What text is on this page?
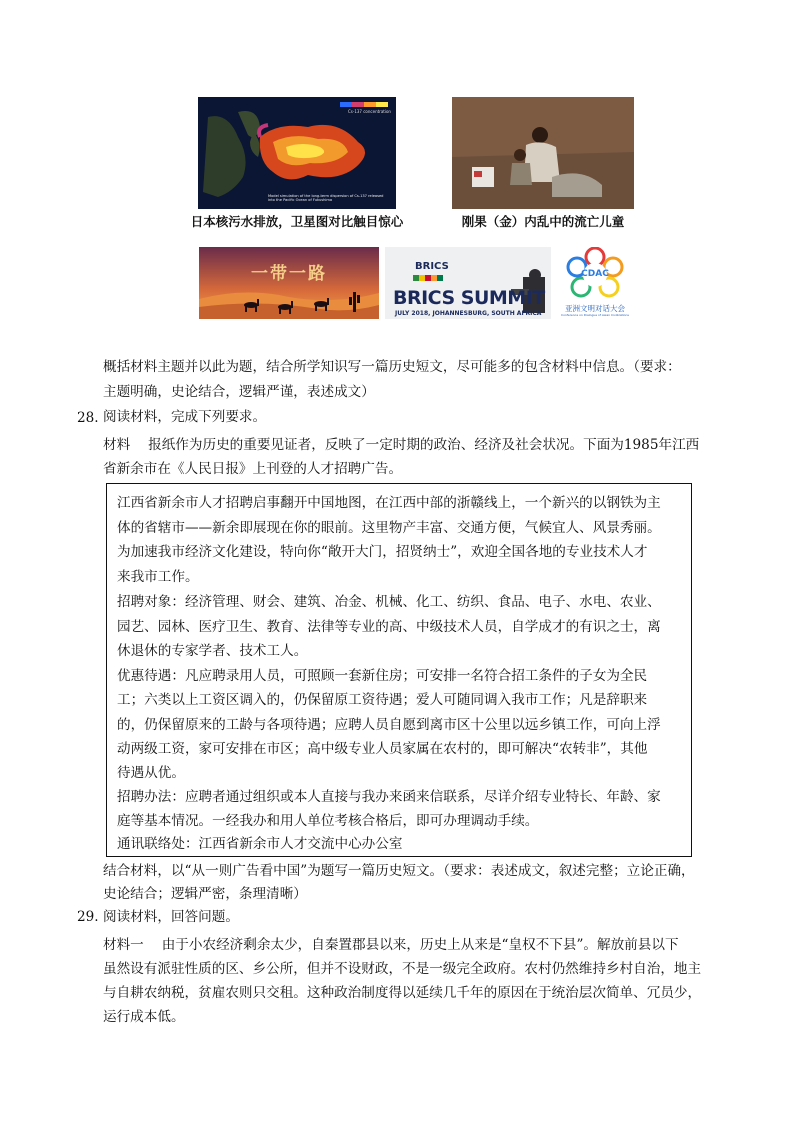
Cs-137 concentration
Model simulation of the long-term dispersion of Cs-137 released into the Pacific Ocean of Fukushima
日本核污水排放，卫星图对比触目惊心	刚果（金）内乱中的流亡儿童
一带一路	BRICS
BRICS SUMMIT
JULY 2018, JOHANNESBURG, SOUTH AFRICA
CDAC
亚洲文明对话大会
Conference on Dialogue of Asian Civilizations
概括材料主题并以此为题，结合所学知识写一篇历史短文，尽可能多的包含材料中信息。（要求：
主题明确，史论结合，逻辑严谨，表述成文）
28. 阅读材料，完成下列要求。
材料　 报纸作为历史的重要见证者，反映了一定时期的政治、经济及社会状况。下面为1985年江西
省新余市在《人民日报》上刊登的人才招聘广告。
江西省新余市人才招聘启事翻开中国地图，在江西中部的浙赣线上，一个新兴的以钢铁为主
体的省辖市——新余即展现在你的眼前。这里物产丰富、交通方便，气候宜人、风景秀丽。
为加速我市经济文化建设，特向你“敞开大门，招贤纳士”，欢迎全国各地的专业技术人才
来我市工作。
招聘对象：经济管理、财会、建筑、冶金、机械、化工、纺织、食品、电子、水电、农业、
园艺、园林、医疗卫生、教育、法律等专业的高、中级技术人员，自学成才的有识之士，离
休退休的专家学者、技术工人。
优惠待遇：凡应聘录用人员，可照顾一套新住房；可安排一名符合招工条件的子女为全民
工；六类以上工资区调入的，仍保留原工资待遇；爱人可随同调入我市工作；凡是辞职来
的，仍保留原来的工龄与各项待遇；应聘人员自愿到离市区十公里以远乡镇工作，可向上浮
动两级工资，家可安排在市区；高中级专业人员家属在农村的，即可解决“农转非”，其他
待遇从优。
招聘办法：应聘者通过组织或本人直接与我办来函来信联系，尽详介绍专业特长、年龄、家
庭等基本情况。一经我办和用人单位考核合格后，即可办理调动手续。
通讯联络处：江西省新余市人才交流中心办公室
结合材料，以“从一则广告看中国”为题写一篇历史短文。（要求：表述成文，叙述完整；立论正确，
史论结合；逻辑严密，条理清晰）
29. 阅读材料，回答问题。
材料一　 由于小农经济剩余太少，自秦置郡县以来，历史上从来是“皇权不下县”。解放前县以下
虽然设有派驻性质的区、乡公所，但并不设财政，不是一级完全政府。农村仍然维持乡村自治，地主
与自耕农纳税，贫雇农则只交租。这种政治制度得以延续几千年的原因在于统治层次简单、冗员少，
运行成本低。
